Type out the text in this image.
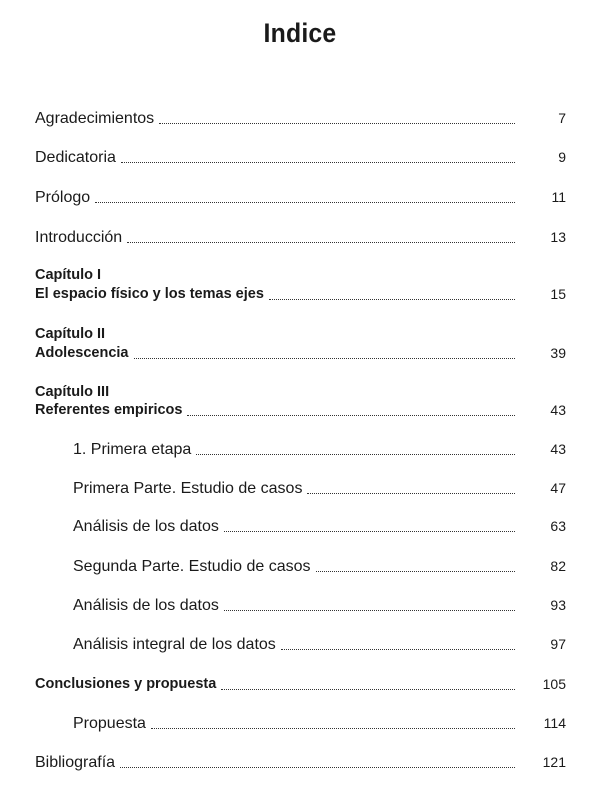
Indice
Agradecimientos	7
Dedicatoria	9
Prólogo	11
Introducción	13
Capítulo I
El espacio físico y los temas ejes	15
Capítulo II
Adolescencia	39
Capítulo III
Referentes empiricos	43
1. Primera etapa	43
Primera Parte. Estudio de casos	47
Análisis de los datos	63
Segunda Parte. Estudio de casos	82
Análisis de los datos	93
Análisis integral de los datos	97
Conclusiones y propuesta	105
Propuesta	114
Bibliografía	121
